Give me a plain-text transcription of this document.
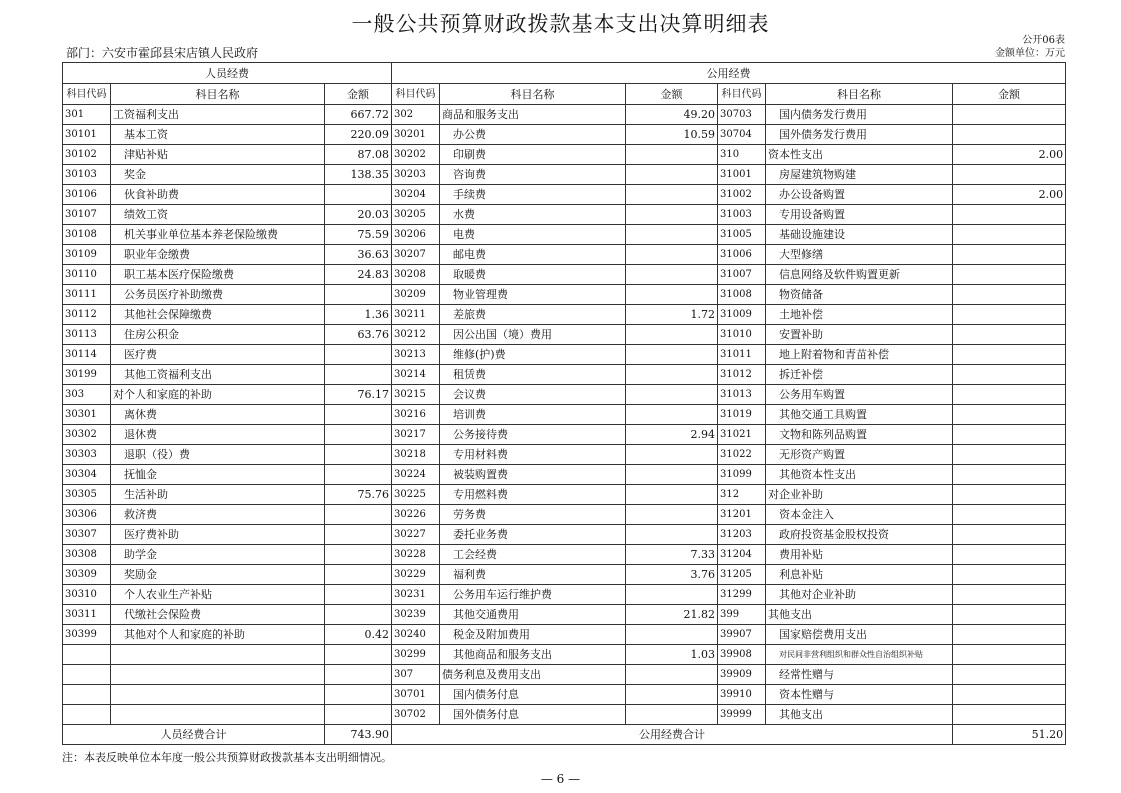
一般公共预算财政拨款基本支出决算明细表
公开06表
金额单位：万元
部门：六安市霍邱县宋店镇人民政府
人员经费			公用经费					
科目代码	科目名称	金额	科目代码	科目名称	金额	科目代码	科目名称	金额
301	工资福利支出	667.72	302	商品和服务支出	49.20	30703	国内债务发行费用	
30101	基本工资	220.09	30201	办公费	10.59	30704	国外债务发行费用	
30102	津贴补贴	87.08	30202	印刷费		310	资本性支出	2.00
30103	奖金	138.35	30203	咨询费		31001	房屋建筑物购建	
30106	伙食补助费		30204	手续费		31002	办公设备购置	2.00
30107	绩效工资	20.03	30205	水费		31003	专用设备购置	
30108	机关事业单位基本养老保险缴费	75.59	30206	电费		31005	基础设施建设	
30109	职业年金缴费	36.63	30207	邮电费		31006	大型修缮	
30110	职工基本医疗保险缴费	24.83	30208	取暖费		31007	信息网络及软件购置更新	
30111	公务员医疗补助缴费		30209	物业管理费		31008	物资储备	
30112	其他社会保障缴费	1.36	30211	差旅费	1.72	31009	土地补偿	
30113	住房公积金	63.76	30212	因公出国（境）费用		31010	安置补助	
30114	医疗费		30213	维修(护)费		31011	地上附着物和青苗补偿	
30199	其他工资福利支出		30214	租赁费		31012	拆迁补偿	
303	对个人和家庭的补助	76.17	30215	会议费		31013	公务用车购置	
30301	离休费		30216	培训费		31019	其他交通工具购置	
30302	退休费		30217	公务接待费	2.94	31021	文物和陈列品购置	
30303	退职（役）费		30218	专用材料费		31022	无形资产购置	
30304	抚恤金		30224	被装购置费		31099	其他资本性支出	
30305	生活补助	75.76	30225	专用燃料费		312	对企业补助	
30306	救济费		30226	劳务费		31201	资本金注入	
30307	医疗费补助		30227	委托业务费		31203	政府投资基金股权投资	
30308	助学金		30228	工会经费	7.33	31204	费用补贴	
30309	奖励金		30229	福利费	3.76	31205	利息补贴	
30310	个人农业生产补贴		30231	公务用车运行维护费		31299	其他对企业补助	
30311	代缴社会保险费		30239	其他交通费用	21.82	399	其他支出	
30399	其他对个人和家庭的补助	0.42	30240	税金及附加费用		39907	国家赔偿费用支出	
			30299	其他商品和服务支出	1.03	39908	对民间非营利组织和群众性自治组织补贴	
			307	债务利息及费用支出		39909	经常性赠与	
			30701	国内债务付息		39910	资本性赠与	
			30702	国外债务付息		39999	其他支出	
人员经费合计		743.90	公用经费合计					51.20
注：本表反映单位本年度一般公共预算财政拨款基本支出明细情况。
— 6 —
